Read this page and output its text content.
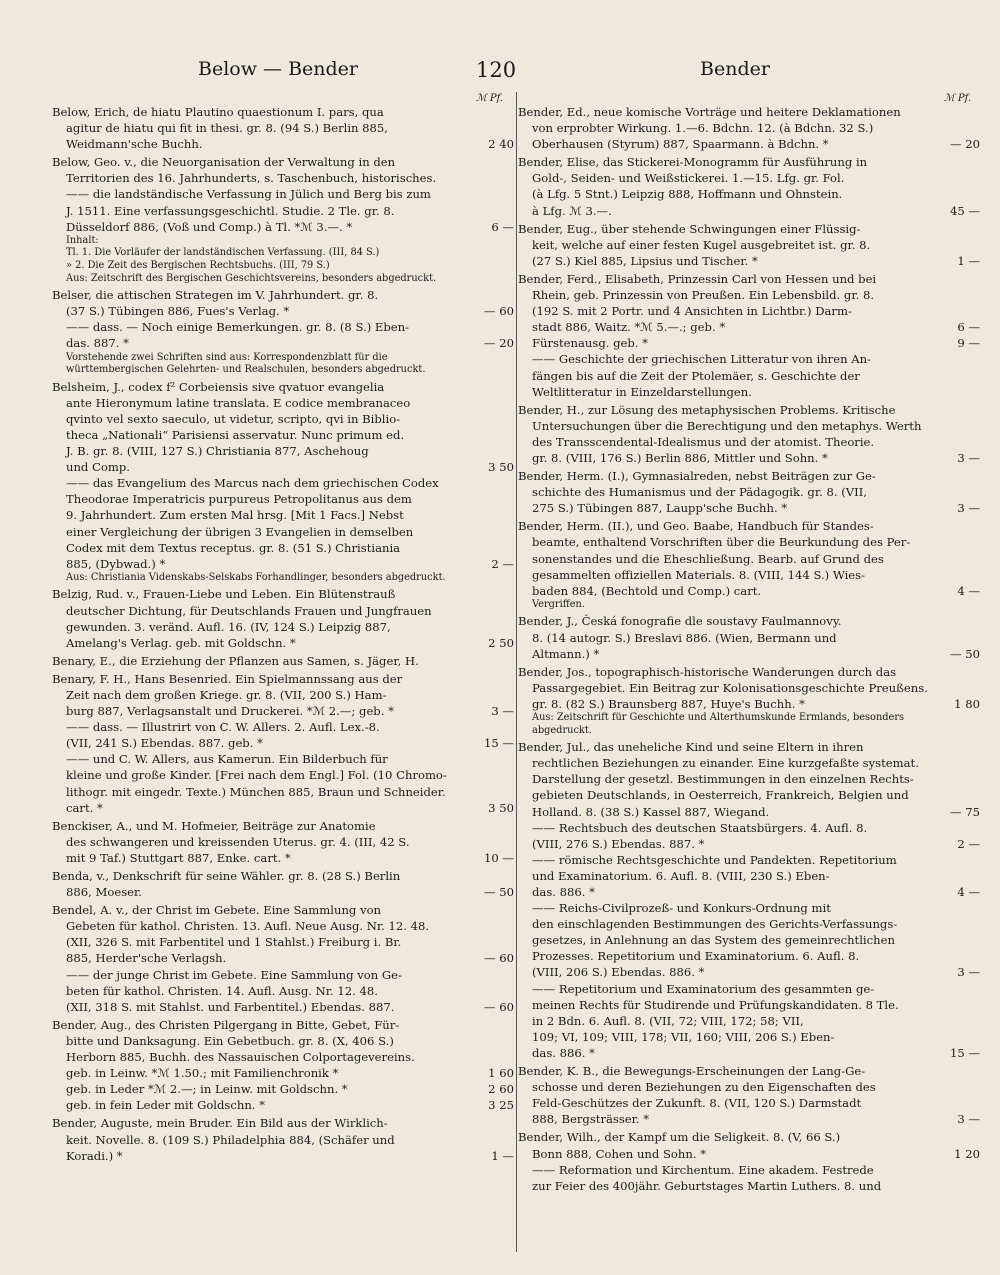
Below — Bender	120	Bender
ℳ Pf.	ℳ Pf.
Below, Erich, de hiatu Plautino quaestionum I. pars, qua
agitur de hiatu qui fit in thesi. gr. 8. (94 S.) Berlin 885,
Weidmann'sche Buchh.	2 40
Below, Geo. v., die Neuorganisation der Verwaltung in den
Territorien des 16. Jahrhunderts, s. Taschenbuch, historisches.
—— die landständische Verfassung in Jülich und Berg bis zum
J. 1511. Eine verfassungsgeschichtl. Studie. 2 Tle. gr. 8.
Düsseldorf 886, (Voß und Comp.) à Tl. *ℳ 3.—. *	6 —
Inhalt:
Tl. 1. Die Vorläufer der landständischen Verfassung. (III, 84 S.)
» 2. Die Zeit des Bergischen Rechtsbuchs. (III, 79 S.)
Aus: Zeitschrift des Bergischen Geschichtsvereins, besonders abgedruckt.
Belser, die attischen Strategen im V. Jahrhundert. gr. 8.
(37 S.) Tübingen 886, Fues's Verlag. *	— 60
—— dass. — Noch einige Bemerkungen. gr. 8. (8 S.) Eben-
das. 887. *	— 20
Vorstehende zwei Schriften sind aus: Korrespondenzblatt für die württembergischen Gelehrten- und Realschulen, besonders abgedruckt.
Belsheim, J., codex f² Corbeiensis sive qvatuor evangelia
ante Hieronymum latine translata. E codice membranaceo
qvinto vel sexto saeculo, ut videtur, scripto, qvi in Biblio-
theca „Nationali“ Parisiensi asservatur. Nunc primum ed.
J. B. gr. 8. (VIII, 127 S.) Christiania 877, Aschehoug
und Comp.	3 50
—— das Evangelium des Marcus nach dem griechischen Codex
Theodorae Imperatricis purpureus Petropolitanus aus dem
9. Jahrhundert. Zum ersten Mal hrsg. [Mit 1 Facs.] Nebst
einer Vergleichung der übrigen 3 Evangelien in demselben
Codex mit dem Textus receptus. gr. 8. (51 S.) Christiania
885, (Dybwad.) *	2 —
Aus: Christiania Videnskabs-Selskabs Forhandlinger, besonders abgedruckt.
Belzig, Rud. v., Frauen-Liebe und Leben. Ein Blütenstrauß
deutscher Dichtung, für Deutschlands Frauen und Jungfrauen
gewunden. 3. veränd. Aufl. 16. (IV, 124 S.) Leipzig 887,
Amelang's Verlag. geb. mit Goldschn. *	2 50
Benary, E., die Erziehung der Pflanzen aus Samen, s. Jäger, H.
Benary, F. H., Hans Besenried. Ein Spielmannssang aus der
Zeit nach dem großen Kriege. gr. 8. (VII, 200 S.) Ham-
burg 887, Verlagsanstalt und Druckerei. *ℳ 2.—; geb. *	3 —
—— dass. — Illustrirt von C. W. Allers. 2. Aufl. Lex.-8.
(VII, 241 S.) Ebendas. 887. geb. *	15 —
—— und C. W. Allers, aus Kamerun. Ein Bilderbuch für
kleine und große Kinder. [Frei nach dem Engl.] Fol. (10 Chromo-
lithogr. mit eingedr. Texte.) München 885, Braun und Schneider.
cart. *	3 50
Benckiser, A., und M. Hofmeier, Beiträge zur Anatomie
des schwangeren und kreissenden Uterus. gr. 4. (III, 42 S.
mit 9 Taf.) Stuttgart 887, Enke. cart. *	10 —
Benda, v., Denkschrift für seine Wähler. gr. 8. (28 S.) Berlin
886, Moeser.	— 50
Bendel, A. v., der Christ im Gebete. Eine Sammlung von
Gebeten für kathol. Christen. 13. Aufl. Neue Ausg. Nr. 12. 48.
(XII, 326 S. mit Farbentitel und 1 Stahlst.) Freiburg i. Br.
885, Herder'sche Verlagsh.	— 60
—— der junge Christ im Gebete. Eine Sammlung von Ge-
beten für kathol. Christen. 14. Aufl. Ausg. Nr. 12. 48.
(XII, 318 S. mit Stahlst. und Farbentitel.) Ebendas. 887.	— 60
Bender, Aug., des Christen Pilgergang in Bitte, Gebet, Für-
bitte und Danksagung. Ein Gebetbuch. gr. 8. (X, 406 S.)
Herborn 885, Buchh. des Nassauischen Colportagevereins.
geb. in Leinw. *ℳ 1.50.; mit Familienchronik *	1 60
geb. in Leder *ℳ 2.—; in Leinw. mit Goldschn. *	2 60
geb. in fein Leder mit Goldschn. *	3 25
Bender, Auguste, mein Bruder. Ein Bild aus der Wirklich-
keit. Novelle. 8. (109 S.) Philadelphia 884, (Schäfer und
Koradi.) *	1 —
Bender, Ed., neue komische Vorträge und heitere Deklamationen
von erprobter Wirkung. 1.—6. Bdchn. 12. (à Bdchn. 32 S.)
Oberhausen (Styrum) 887, Spaarmann. à Bdchn. *	— 20
Bender, Elise, das Stickerei-Monogramm für Ausführung in
Gold-, Seiden- und Weißstickerei. 1.—15. Lfg. gr. Fol.
(à Lfg. 5 Stnt.) Leipzig 888, Hoffmann und Ohnstein.
à Lfg. ℳ 3.—.	45 —
Bender, Eug., über stehende Schwingungen einer Flüssig-
keit, welche auf einer festen Kugel ausgebreitet ist. gr. 8.
(27 S.) Kiel 885, Lipsius und Tischer. *	1 —
Bender, Ferd., Elisabeth, Prinzessin Carl von Hessen und bei
Rhein, geb. Prinzessin von Preußen. Ein Lebensbild. gr. 8.
(192 S. mit 2 Portr. und 4 Ansichten in Lichtbr.) Darm-
stadt 886, Waitz. *ℳ 5.—.; geb. *	6 —
Fürstenausg. geb. *	9 —
—— Geschichte der griechischen Litteratur von ihren An-
fängen bis auf die Zeit der Ptolemäer, s. Geschichte der
Weltlitteratur in Einzeldarstellungen.
Bender, H., zur Lösung des metaphysischen Problems. Kritische
Untersuchungen über die Berechtigung und den metaphys. Werth
des Transscendental-Idealismus und der atomist. Theorie.
gr. 8. (VIII, 176 S.) Berlin 886, Mittler und Sohn. *	3 —
Bender, Herm. (I.), Gymnasialreden, nebst Beiträgen zur Ge-
schichte des Humanismus und der Pädagogik. gr. 8. (VII,
275 S.) Tübingen 887, Laupp'sche Buchh. *	3 —
Bender, Herm. (II.), und Geo. Baabe, Handbuch für Standes-
beamte, enthaltend Vorschriften über die Beurkundung des Per-
sonenstandes und die Eheschließung. Bearb. auf Grund des
gesammelten offiziellen Materials. 8. (VIII, 144 S.) Wies-
baden 884, (Bechtold und Comp.) cart.	4 —
Vergriffen.
Bender, J., Česká fonografie dle soustavy Faulmannovy.
8. (14 autogr. S.) Breslavi 886. (Wien, Bermann und
Altmann.) *	— 50
Bender, Jos., topographisch-historische Wanderungen durch das
Passargegebiet. Ein Beitrag zur Kolonisationsgeschichte Preußens.
gr. 8. (82 S.) Braunsberg 887, Huye's Buchh. *	1 80
Aus: Zeitschrift für Geschichte und Alterthumskunde Ermlands, besonders abgedruckt.
Bender, Jul., das uneheliche Kind und seine Eltern in ihren
rechtlichen Beziehungen zu einander. Eine kurzgefaßte systemat.
Darstellung der gesetzl. Bestimmungen in den einzelnen Rechts-
gebieten Deutschlands, in Oesterreich, Frankreich, Belgien und
Holland. 8. (38 S.) Kassel 887, Wiegand.	— 75
—— Rechtsbuch des deutschen Staatsbürgers. 4. Aufl. 8.
(VIII, 276 S.) Ebendas. 887. *	2 —
—— römische Rechtsgeschichte und Pandekten. Repetitorium
und Examinatorium. 6. Aufl. 8. (VIII, 230 S.) Eben-
das. 886. *	4 —
—— Reichs-Civilprozeß- und Konkurs-Ordnung mit
den einschlagenden Bestimmungen des Gerichts-Verfassungs-
gesetzes, in Anlehnung an das System des gemeinrechtlichen
Prozesses. Repetitorium und Examinatorium. 6. Aufl. 8.
(VIII, 206 S.) Ebendas. 886. *	3 —
—— Repetitorium und Examinatorium des gesammten ge-
meinen Rechts für Studirende und Prüfungskandidaten. 8 Tle.
in 2 Bdn. 6. Aufl. 8. (VII, 72; VIII, 172; 58; VII,
109; VI, 109; VIII, 178; VII, 160; VIII, 206 S.) Eben-
das. 886. *	15 —
Bender, K. B., die Bewegungs-Erscheinungen der Lang-Ge-
schosse und deren Beziehungen zu den Eigenschaften des
Feld-Geschützes der Zukunft. 8. (VII, 120 S.) Darmstadt
888, Bergsträsser. *	3 —
Bender, Wilh., der Kampf um die Seligkeit. 8. (V, 66 S.)
Bonn 888, Cohen und Sohn. *	1 20
—— Reformation und Kirchentum. Eine akadem. Festrede
zur Feier des 400jähr. Geburtstages Martin Luthers. 8. und
